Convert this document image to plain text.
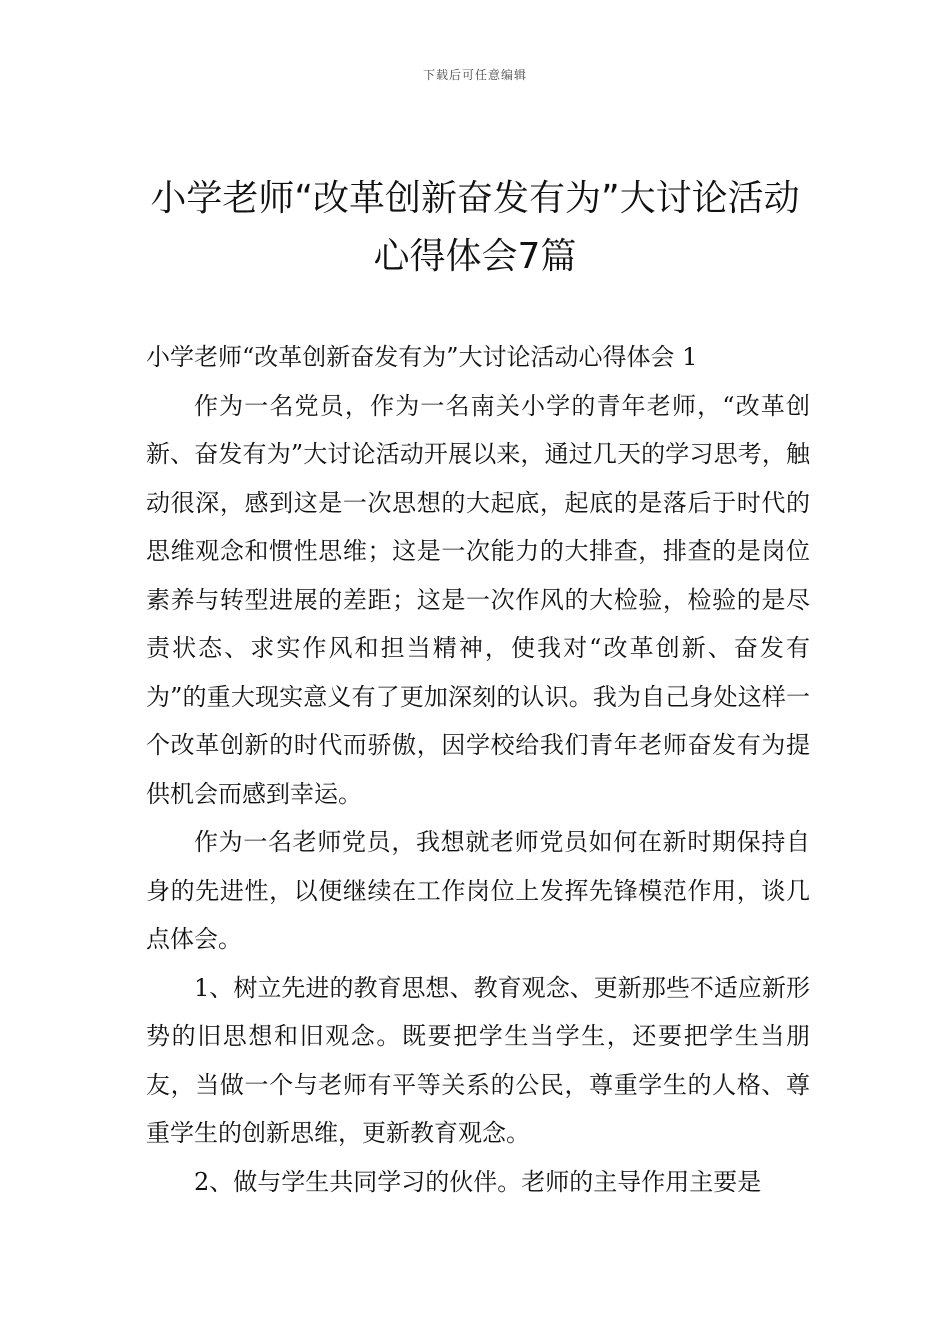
下载后可任意编辑
小学老师“改革创新奋发有为”大讨论活动心得体会7篇
小学老师“改革创新奋发有为”大讨论活动心得体会 1

作为一名党员，作为一名南关小学的青年老师，“改革创新、奋发有为”大讨论活动开展以来，通过几天的学习思考，触动很深，感到这是一次思想的大起底，起底的是落后于时代的思维观念和惯性思维；这是一次能力的大排查，排查的是岗位素养与转型进展的差距；这是一次作风的大检验，检验的是尽责状态、求实作风和担当精神，使我对“改革创新、奋发有为”的重大现实意义有了更加深刻的认识。我为自己身处这样一个改革创新的时代而骄傲，因学校给我们青年老师奋发有为提供机会而感到幸运。

作为一名老师党员，我想就老师党员如何在新时期保持自身的先进性，以便继续在工作岗位上发挥先锋模范作用，谈几点体会。

1、树立先进的教育思想、教育观念、更新那些不适应新形势的旧思想和旧观念。既要把学生当学生，还要把学生当朋友，当做一个与老师有平等关系的公民，尊重学生的人格、尊重学生的创新思维，更新教育观念。

2、做与学生共同学习的伙伴。老师的主导作用主要是
